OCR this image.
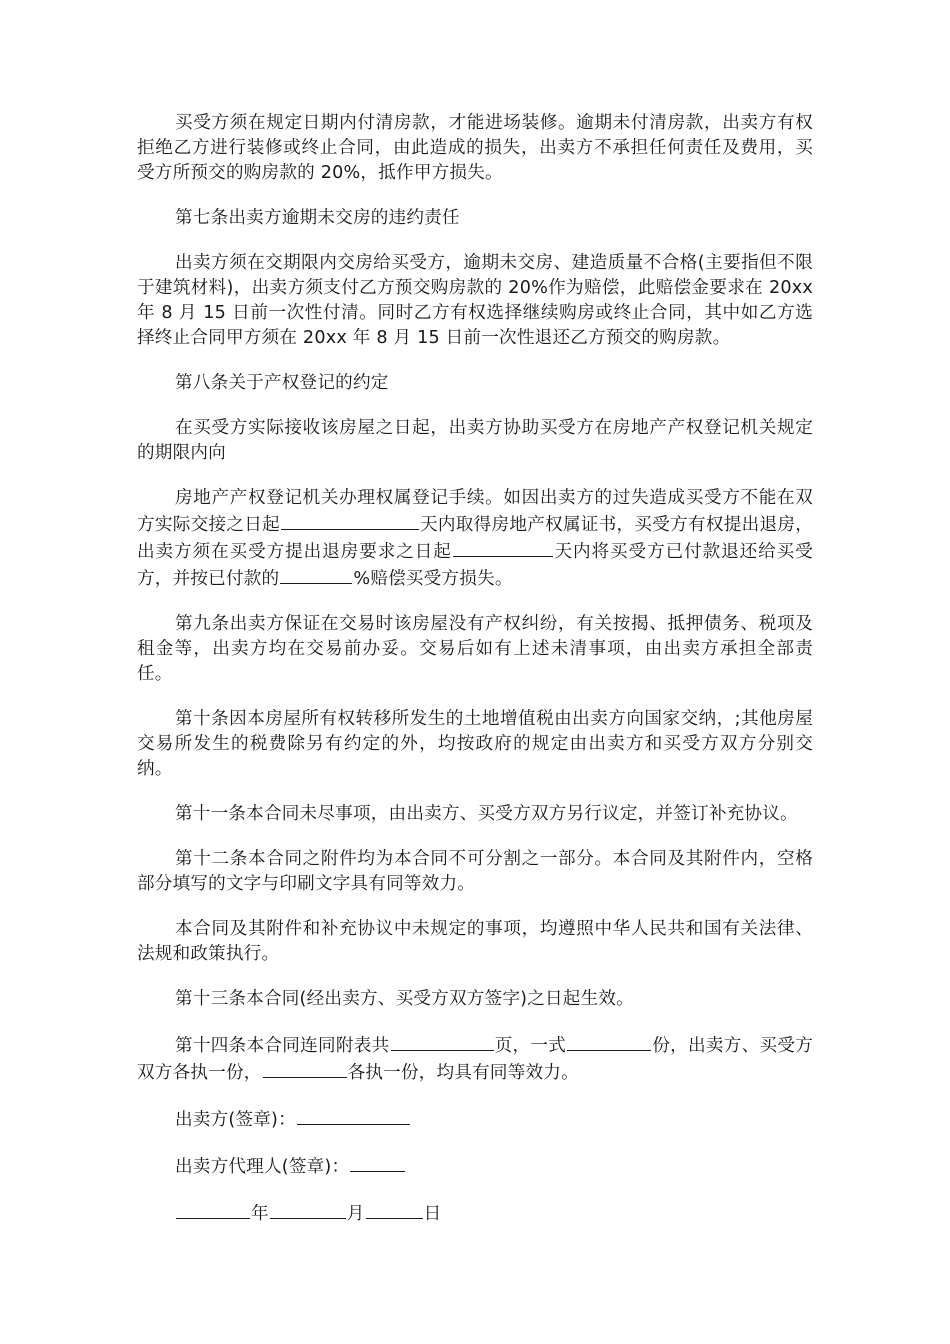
买受方须在规定日期内付清房款，才能进场装修。逾期未付清房款，出卖方有权拒绝乙方进行装修或终止合同，由此造成的损失，出卖方不承担任何责任及费用，买受方所预交的购房款的 20%，抵作甲方损失。

第七条出卖方逾期未交房的违约责任

出卖方须在交期限内交房给买受方，逾期未交房、建造质量不合格(主要指但不限于建筑材料)，出卖方须支付乙方预交购房款的 20%作为赔偿，此赔偿金要求在 20xx 年 8 月 15 日前一次性付清。同时乙方有权选择继续购房或终止合同，其中如乙方选择终止合同甲方须在 20xx 年 8 月 15 日前一次性退还乙方预交的购房款。

第八条关于产权登记的约定

在买受方实际接收该房屋之日起，出卖方协助买受方在房地产产权登记机关规定的期限内向

房地产产权登记机关办理权属登记手续。如因出卖方的过失造成买受方不能在双方实际交接之日起	天内取得房地产权属证书，买受方有权提出退房，出卖方须在买受方提出退房要求之日起	天内将买受方已付款退还给买受方，并按已付款的	%赔偿买受方损失。

第九条出卖方保证在交易时该房屋没有产权纠纷，有关按揭、抵押债务、税项及租金等，出卖方均在交易前办妥。交易后如有上述未清事项，由出卖方承担全部责任。

第十条因本房屋所有权转移所发生的土地增值税由出卖方向国家交纳，;其他房屋交易所发生的税费除另有约定的外，均按政府的规定由出卖方和买受方双方分别交纳。

第十一条本合同未尽事项，由出卖方、买受方双方另行议定，并签订补充协议。

第十二条本合同之附件均为本合同不可分割之一部分。本合同及其附件内，空格部分填写的文字与印刷文字具有同等效力。

本合同及其附件和补充协议中未规定的事项，均遵照中华人民共和国有关法律、法规和政策执行。

第十三条本合同(经出卖方、买受方双方签字)之日起生效。

第十四条本合同连同附表共	页，一式	份，出卖方、买受方双方各执一份，	各执一份，均具有同等效力。

出卖方(签章)：

出卖方代理人(签章)：

年	月	日
